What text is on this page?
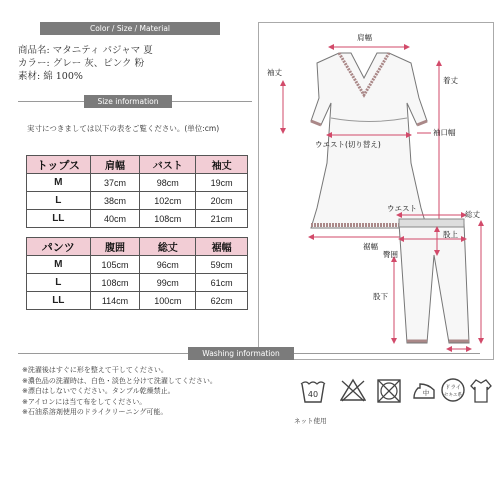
Color / Size / Material
商品名: マタニティ パジャマ 夏
カラー: グレー 灰、ピンク 粉
素材: 綿 100%
Size information
実寸につきましては以下の表をご覧ください。(単位:cm)
トップス	肩幅	バスト	袖丈
M	37cm	98cm	19cm
L	38cm	102cm	20cm
LL	40cm	108cm	21cm
パンツ	腹囲	総丈	裾幅
M	105cm	96cm	59cm
L	108cm	99cm	61cm
LL	114cm	100cm	62cm
肩幅
袖丈
着丈
ウエスト(切り替え)
袖口幅
裾幅
ウエスト
総丈
股上
臀囲
股下
Washing information
※洗濯後はすぐに形を整えて干してください。
※濃色品の洗濯時は、白色・淡色と分けて洗濯してください。
※漂白はしないでください。タンブル乾燥禁止。
※アイロンには当て布をしてください。
※石油系溶剤使用のドライクリーニング可能。
40
ネット使用
中
ドライ
セキユ系
